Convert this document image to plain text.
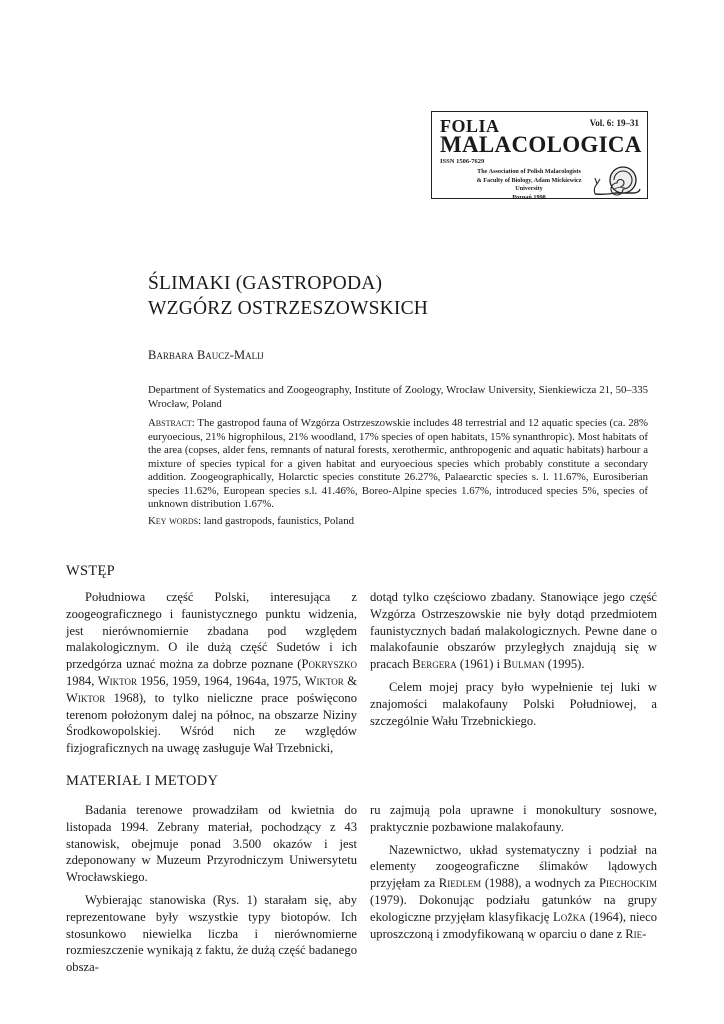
FOLIA
MALACOLOGICA
Vol. 6: 19–31
ISSN 1506-7629
The Association of Polish Malacologists
& Faculty of Biology, Adam Mickiewicz University
Poznań 1998
ŚLIMAKI (GASTROPODA)
WZGÓRZ OSTRZESZOWSKICH
Barbara Baucz-Malij
Department of Systematics and Zoogeography, Institute of Zoology, Wrocław University, Sienkiewicza 21, 50–335 Wrocław, Poland
Abstract: The gastropod fauna of Wzgórza Ostrzeszowskie includes 48 terrestrial and 12 aquatic species (ca. 28% euryoecious, 21% higrophilous, 21% woodland, 17% species of open habitats, 15% synanthropic). Most habitats of the area (copses, alder fens, remnants of natural forests, xerothermic, anthropogenic and aquatic habitats) harbour a mixture of species typical for a given habitat and euryoecious species which probably constitute a secondary addition. Zoogeographically, Holarctic species constitute 26.27%, Palaearctic species s. l. 11.67%, Eurosiberian species 11.62%, European species s.l. 41.46%, Boreo-Alpine species 1.67%, introduced species 5%, species of unknown distribution 1.67%.
Key words: land gastropods, faunistics, Poland
WSTĘP

Południowa część Polski, interesująca z zoogeograficznego i faunistycznego punktu widzenia, jest nierównomiernie zbadana pod względem malakologicznym. O ile dużą część Sudetów i ich przedgórza uznać można za dobrze poznane (Pokryszko 1984, Wiktor 1956, 1959, 1964, 1964a, 1975, Wiktor & Wiktor 1968), to tylko nieliczne prace poświęcono terenom położonym dalej na północ, na obszarze Niziny Środkowopolskiej. Wśród nich ze względów fizjograficznych na uwagę zasługuje Wał Trzebnicki,

dotąd tylko częściowo zbadany. Stanowiące jego część Wzgórza Ostrzeszowskie nie były dotąd przedmiotem faunistycznych badań malakologicznych. Pewne dane o malakofaunie obszarów przyległych znajdują się w pracach Bergera (1961) i Bulman (1995).

Celem mojej pracy było wypełnienie tej luki w znajomości malakofauny Polski Południowej, a szczególnie Wału Trzebnickiego.

MATERIAŁ I METODY

Badania terenowe prowadziłam od kwietnia do listopada 1994. Zebrany materiał, pochodzący z 43 stanowisk, obejmuje ponad 3.500 okazów i jest zdeponowany w Muzeum Przyrodniczym Uniwersytetu Wrocławskiego.

Wybierając stanowiska (Rys. 1) starałam się, aby reprezentowane były wszystkie typy biotopów. Ich stosunkowo niewielka liczba i nierównomierne rozmieszczenie wynikają z faktu, że dużą część badanego obsza-

ru zajmują pola uprawne i monokultury sosnowe, praktycznie pozbawione malakofauny.

Nazewnictwo, układ systematyczny i podział na elementy zoogeograficzne ślimaków lądowych przyjęłam za Riedlem (1988), a wodnych za Piechockim (1979). Dokonując podziału gatunków na grupy ekologiczne przyjęłam klasyfikację Ložka (1964), nieco uproszczoną i zmodyfikowaną w oparciu o dane z Rie-
